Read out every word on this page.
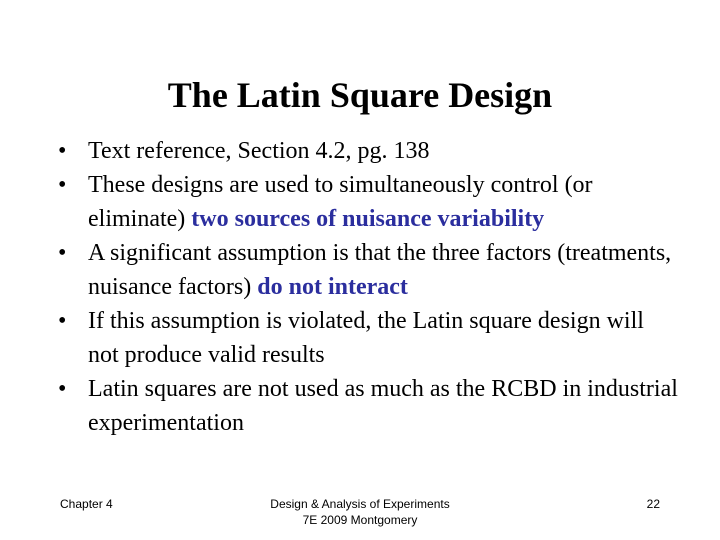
The Latin Square Design
• Text reference, Section 4.2, pg. 138
• These designs are used to simultaneously control (or eliminate) two sources of nuisance variability
• A significant assumption is that the three factors (treatments, nuisance factors) do not interact
• If this assumption is violated, the Latin square design will not produce valid results
• Latin squares are not used as much as the RCBD in industrial experimentation
Chapter 4	Design & Analysis of Experiments
7E 2009 Montgomery
22
